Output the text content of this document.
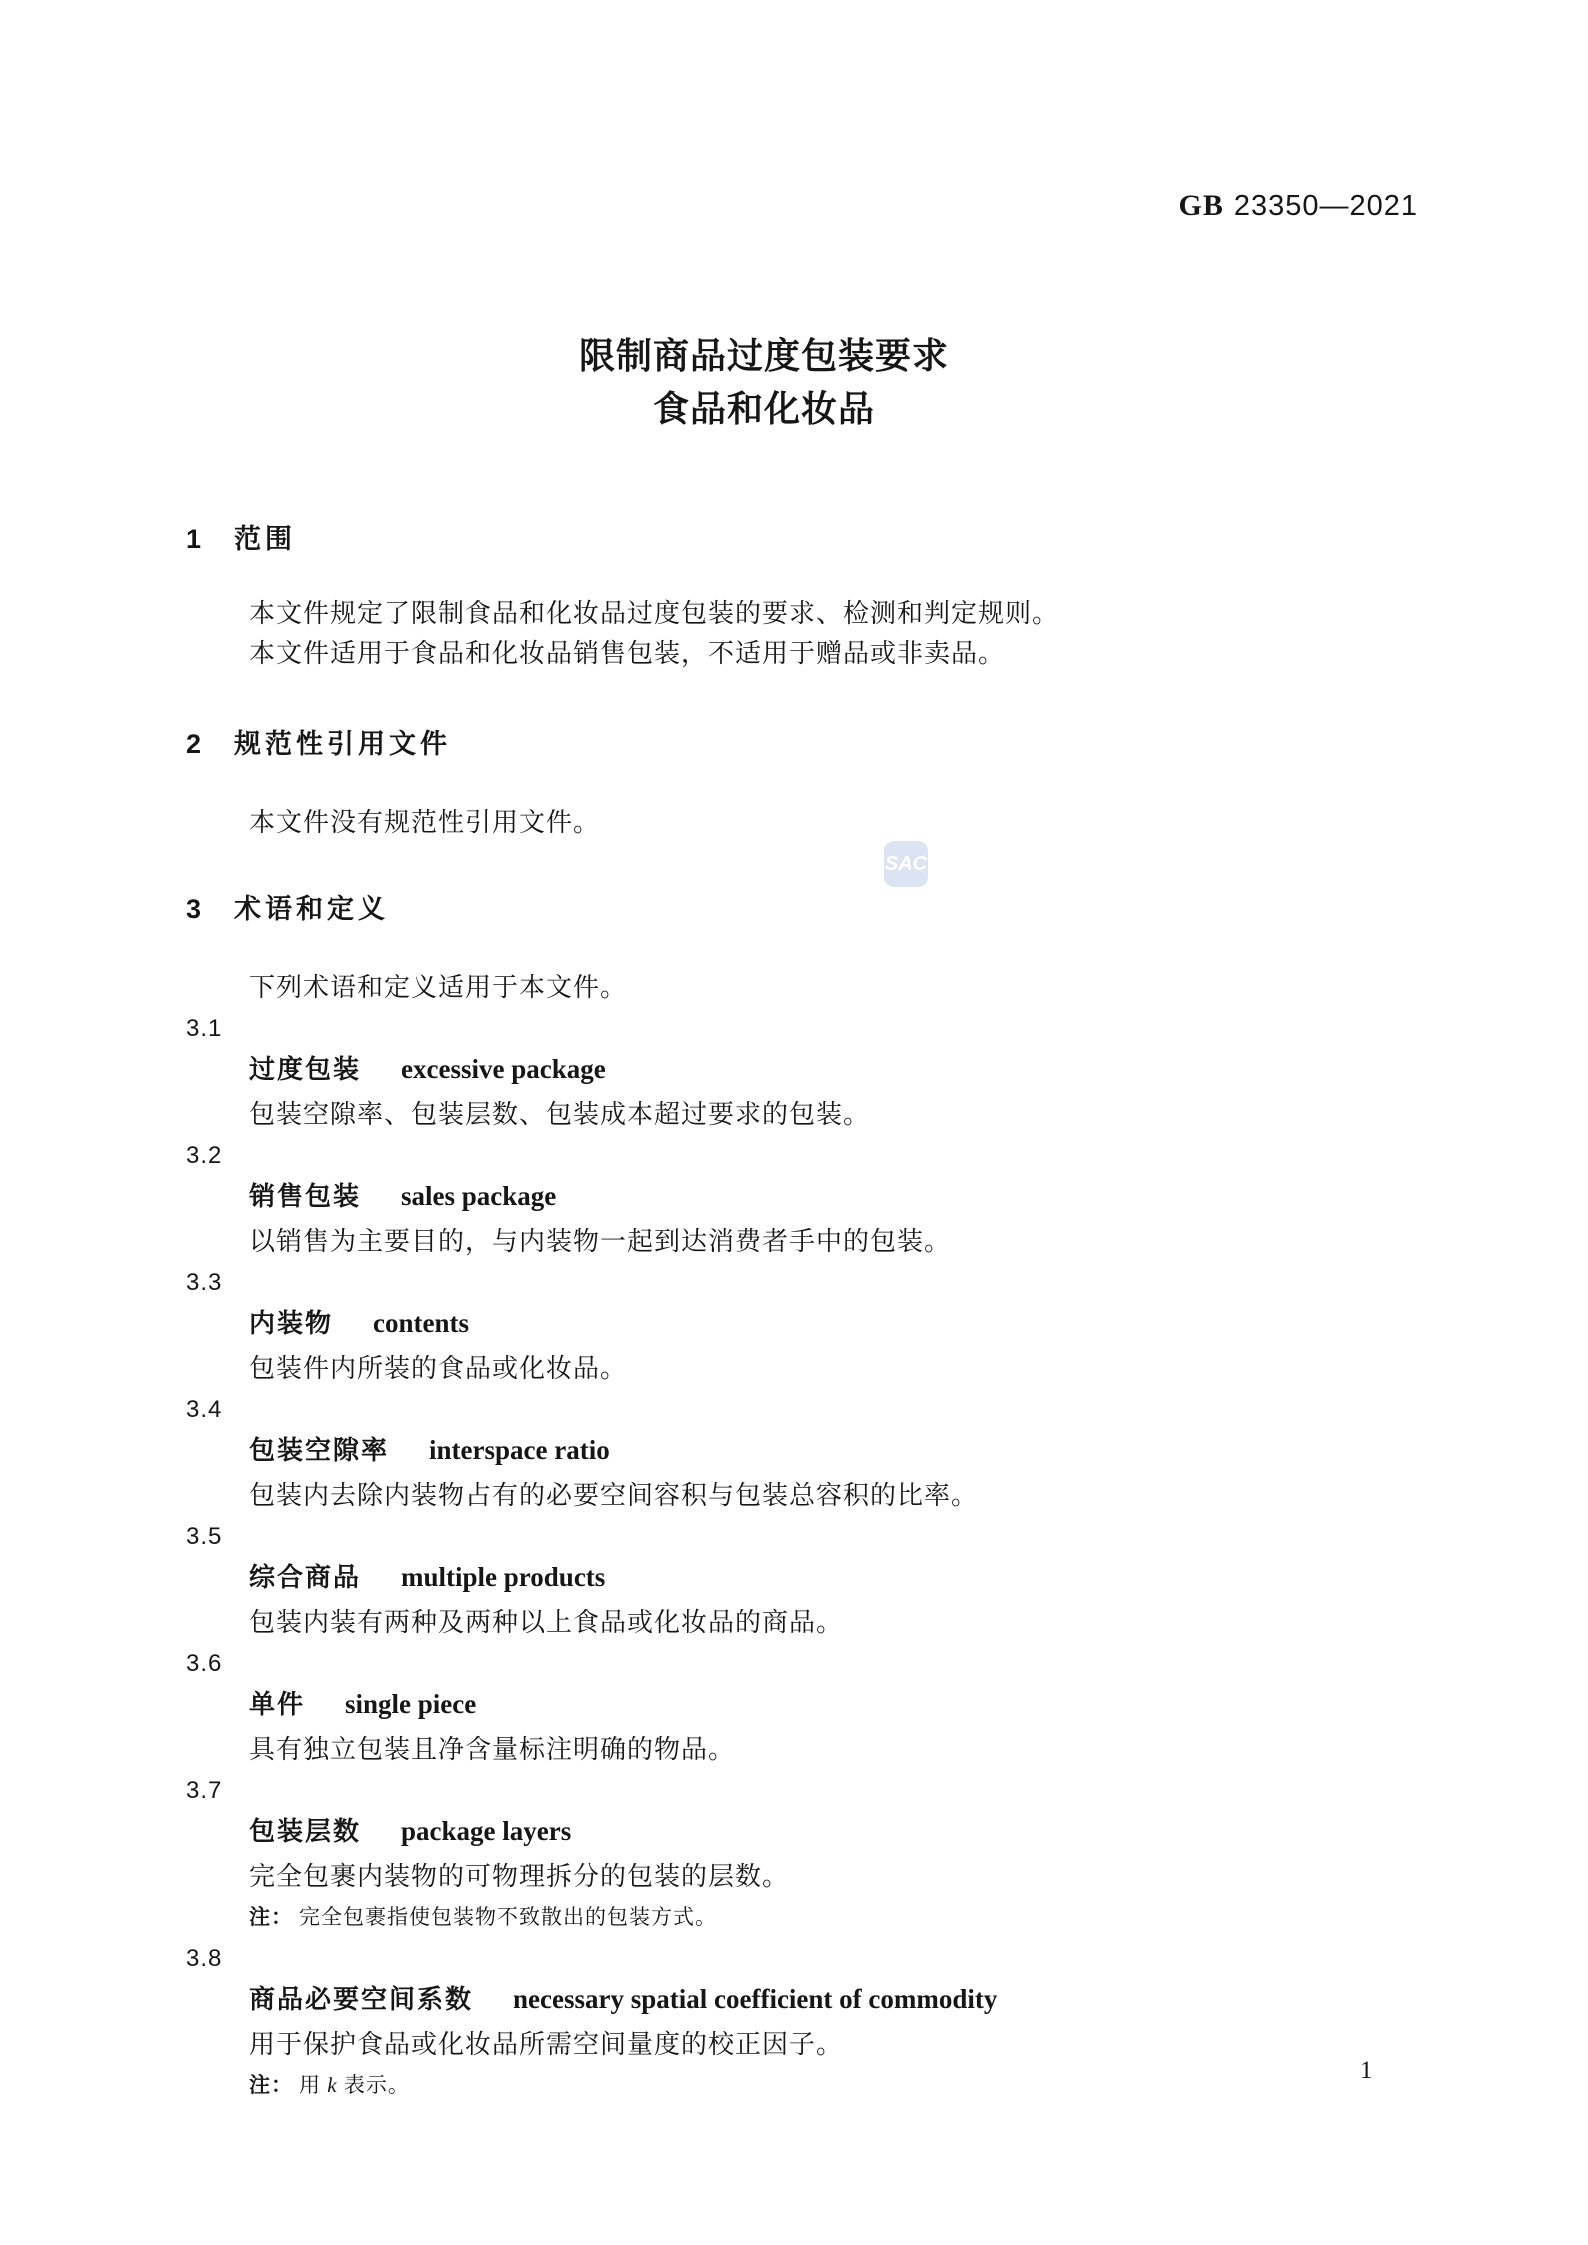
GB 23350—2021
限制商品过度包装要求
食品和化妆品
SAC
1 范围

本文件规定了限制食品和化妆品过度包装的要求、检测和判定规则。

本文件适用于食品和化妆品销售包装，不适用于赠品或非卖品。

2 规范性引用文件

本文件没有规范性引用文件。

3 术语和定义

下列术语和定义适用于本文件。

3.1
过度包装 excessive package
包装空隙率、包装层数、包装成本超过要求的包装。
3.2
销售包装 sales package
以销售为主要目的，与内装物一起到达消费者手中的包装。
3.3
内装物 contents
包装件内所装的食品或化妆品。
3.4
包装空隙率 interspace ratio
包装内去除内装物占有的必要空间容积与包装总容积的比率。
3.5
综合商品 multiple products
包装内装有两种及两种以上食品或化妆品的商品。
3.6
单件 single piece
具有独立包装且净含量标注明确的物品。
3.7
包装层数 package layers
完全包裹内装物的可物理拆分的包装的层数。
注： 完全包裹指使包装物不致散出的包装方式。
3.8
商品必要空间系数 necessary spatial coefficient of commodity
用于保护食品或化妆品所需空间量度的校正因子。
注： 用 k 表示。
1
